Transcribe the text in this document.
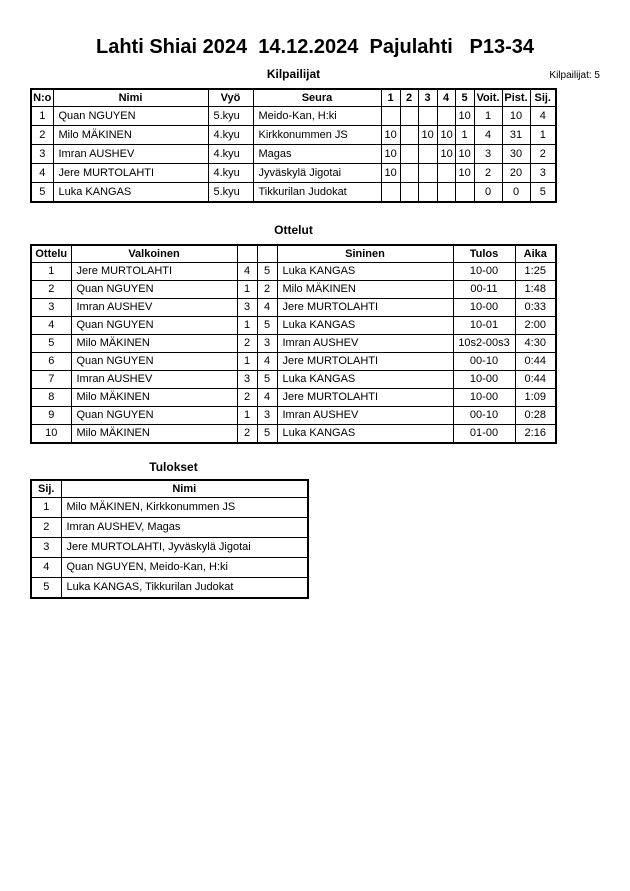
Lahti Shiai 2024  14.12.2024  Pajulahti   P13-34
Kilpailijat	Kilpailijat: 5
N:o	Nimi	Vyö	Seura	1	2	3	4	5	Voit.	Pist.	Sij.
1	Quan NGUYEN	5.kyu	Meido-Kan, H:ki					10	1	10	4
2	Milo MÄKINEN	4.kyu	Kirkkonummen JS	10		10	10	1	4	31	1
3	Imran AUSHEV	4.kyu	Magas	10			10	10	3	30	2
4	Jere MURTOLAHTI	4.kyu	Jyväskylä Jigotai	10				10	2	20	3
5	Luka KANGAS	5.kyu	Tikkurilan Judokat						0	0	5
Ottelut
Ottelu	Valkoinen			Sininen	Tulos	Aika
1	Jere MURTOLAHTI	4	5	Luka KANGAS	10-00	1:25
2	Quan NGUYEN	1	2	Milo MÄKINEN	00-11	1:48
3	Imran AUSHEV	3	4	Jere MURTOLAHTI	10-00	0:33
4	Quan NGUYEN	1	5	Luka KANGAS	10-01	2:00
5	Milo MÄKINEN	2	3	Imran AUSHEV	10s2-00s3	4:30
6	Quan NGUYEN	1	4	Jere MURTOLAHTI	00-10	0:44
7	Imran AUSHEV	3	5	Luka KANGAS	10-00	0:44
8	Milo MÄKINEN	2	4	Jere MURTOLAHTI	10-00	1:09
9	Quan NGUYEN	1	3	Imran AUSHEV	00-10	0:28
10	Milo MÄKINEN	2	5	Luka KANGAS	01-00	2:16
Tulokset
Sij.	Nimi
1	Milo MÄKINEN, Kirkkonummen JS
2	Imran AUSHEV, Magas
3	Jere MURTOLAHTI, Jyväskylä Jigotai
4	Quan NGUYEN, Meido-Kan, H:ki
5	Luka KANGAS, Tikkurilan Judokat
